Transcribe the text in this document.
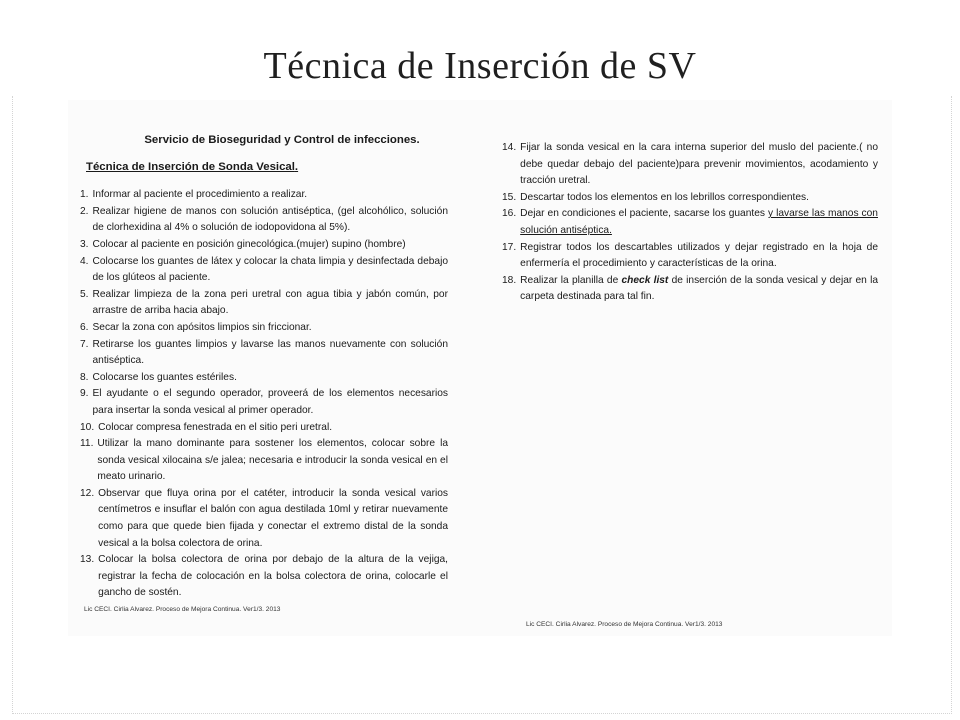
Técnica de Inserción de SV
Servicio de Bioseguridad y Control de infecciones.
Técnica de Inserción de Sonda Vesical.
1. Informar al paciente el procedimiento a realizar.
2. Realizar higiene de manos con solución antiséptica, (gel alcohólico, solución de clorhexidina al 4% o solución de iodopovidona al 5%).
3. Colocar al paciente en posición ginecológica.(mujer) supino (hombre)
4. Colocarse los guantes de látex y colocar la chata limpia y desinfectada debajo de los glúteos al paciente.
5. Realizar limpieza de la zona peri uretral con agua tibia y jabón común, por arrastre de arriba hacia abajo.
6. Secar la zona con apósitos limpios sin friccionar.
7. Retirarse los guantes limpios y lavarse las manos nuevamente con solución antiséptica.
8. Colocarse los guantes estériles.
9. El ayudante o el segundo operador, proveerá de los elementos necesarios para insertar la sonda vesical al primer operador.
10. Colocar compresa fenestrada en el sitio peri uretral.
11. Utilizar la mano dominante para sostener los elementos, colocar sobre la sonda vesical xilocaina s/e jalea; necesaria e introducir la sonda vesical en el meato urinario.
12. Observar que fluya orina por el catéter, introducir la sonda vesical varios centímetros e insuflar el balón con agua destilada 10ml y retirar nuevamente como para que quede bien fijada y conectar el extremo distal de la sonda vesical a la bolsa colectora de orina.
13. Colocar la bolsa colectora de orina por debajo de la altura de la vejiga, registrar la fecha de colocación en la bolsa colectora de orina, colocarle el gancho de sostén.
Lic CECI. Cirlia Alvarez. Proceso de Mejora Continua. Ver1/3. 2013
14. Fijar la sonda vesical en la cara interna superior del muslo del paciente.( no debe quedar debajo del paciente)para prevenir movimientos, acodamiento y tracción uretral.
15. Descartar todos los elementos en los lebrillos correspondientes.
16. Dejar en condiciones el paciente, sacarse los guantes y lavarse las manos con solución antiséptica.
17. Registrar todos los descartables utilizados y dejar registrado en la hoja de enfermería el procedimiento y características de la orina.
18. Realizar la planilla de check list de inserción de la sonda vesical y dejar en la carpeta destinada para tal fin.
Lic CECI. Cirlia Alvarez. Proceso de Mejora Continua. Ver1/3. 2013
